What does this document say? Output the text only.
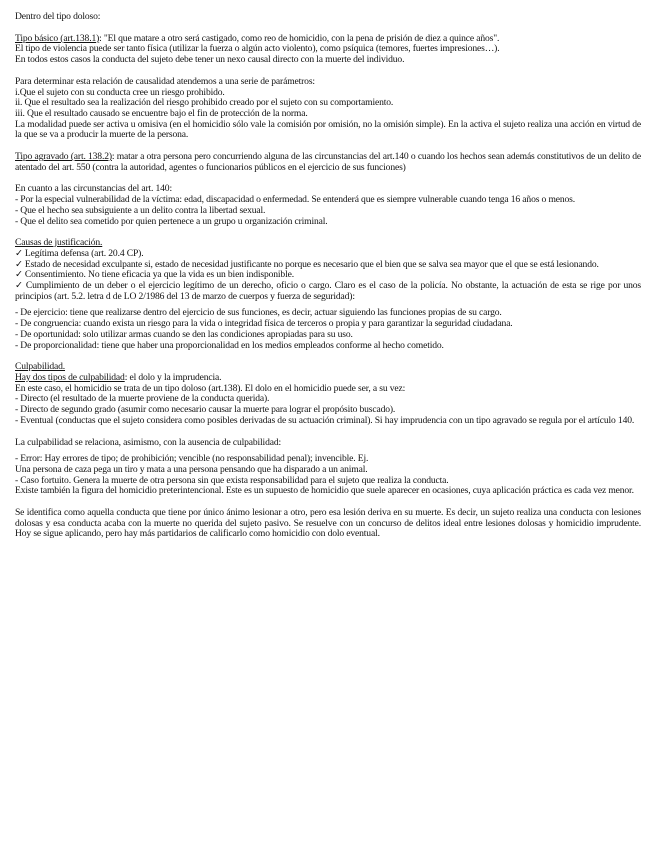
Dentro del tipo doloso:
Tipo básico (art.138.1): "El que matare a otro será castigado, como reo de homicidio, con la pena de prisión de diez a quince años".
El tipo de violencia puede ser tanto física (utilizar la fuerza o algún acto violento), como psíquica (temores, fuertes impresiones…).
En todos estos casos la conducta del sujeto debe tener un nexo causal directo con la muerte del individuo.
Para determinar esta relación de causalidad atendemos a una serie de parámetros:
i.Que el sujeto con su conducta cree un riesgo prohibido.
ii. Que el resultado sea la realización del riesgo prohibido creado por el sujeto con su comportamiento.
iii. Que el resultado causado se encuentre bajo el fin de protección de la norma.
La modalidad puede ser activa u omisiva (en el homicidio sólo vale la comisión por omisión, no la omisión simple). En la activa el sujeto realiza una acción en virtud de la que se va a producir la muerte de la persona.
Tipo agravado (art. 138.2): matar a otra persona pero concurriendo alguna de las circunstancias del art.140 o cuando los hechos sean además constitutivos de un delito de atentado del art. 550 (contra la autoridad, agentes o funcionarios públicos en el ejercicio de sus funciones)
En cuanto a las circunstancias del art. 140:
- Por la especial vulnerabilidad de la víctima: edad, discapacidad o enfermedad. Se entenderá que es siempre vulnerable cuando tenga 16 años o menos.
- Que el hecho sea subsiguiente a un delito contra la libertad sexual.
- Que el delito sea cometido por quien pertenece a un grupo u organización criminal.
Causas de justificación.
✓ Legítima defensa (art. 20.4 CP).
✓ Estado de necesidad exculpante si, estado de necesidad justificante no porque es necesario que el bien que se salva sea mayor que el que se está lesionando.
✓ Consentimiento. No tiene eficacia ya que la vida es un bien indisponible.
✓ Cumplimiento de un deber o el ejercicio legítimo de un derecho, oficio o cargo. Claro es el caso de la policía. No obstante, la actuación de esta se rige por unos principios (art. 5.2. letra d de LO 2/1986 del 13 de marzo de cuerpos y fuerza de seguridad):
- De ejercicio: tiene que realizarse dentro del ejercicio de sus funciones, es decir, actuar siguiendo las funciones propias de su cargo.
- De congruencia: cuando exista un riesgo para la vida o integridad física de terceros o propia y para garantizar la seguridad ciudadana.
- De oportunidad: solo utilizar armas cuando se den las condiciones apropiadas para su uso.
- De proporcionalidad: tiene que haber una proporcionalidad en los medios empleados conforme al hecho cometido.
Culpabilidad.
Hay dos tipos de culpabilidad: el dolo y la imprudencia.
En este caso, el homicidio se trata de un tipo doloso (art.138). El dolo en el homicidio puede ser, a su vez:
- Directo (el resultado de la muerte proviene de la conducta querida).
- Directo de segundo grado (asumir como necesario causar la muerte para lograr el propósito buscado).
- Eventual (conductas que el sujeto considera como posibles derivadas de su actuación criminal). Si hay imprudencia con un tipo agravado se regula por el artículo 140.
La culpabilidad se relaciona, asimismo, con la ausencia de culpabilidad:
- Error: Hay errores de tipo; de prohibición; vencible (no responsabilidad penal); invencible. Ej.
Una persona de caza pega un tiro y mata a una persona pensando que ha disparado a un animal.
- Caso fortuito. Genera la muerte de otra persona sin que exista responsabilidad para el sujeto que realiza la conducta.
Existe también la figura del homicidio preterintencional. Este es un supuesto de homicidio que suele aparecer en ocasiones, cuya aplicación práctica es cada vez menor.
Se identifica como aquella conducta que tiene por único ánimo lesionar a otro, pero esa lesión deriva en su muerte. Es decir, un sujeto realiza una conducta con lesiones dolosas y esa conducta acaba con la muerte no querida del sujeto pasivo. Se resuelve con un concurso de delitos ideal entre lesiones dolosas y homicidio imprudente. Hoy se sigue aplicando, pero hay más partidarios de calificarlo como homicidio con dolo eventual.
